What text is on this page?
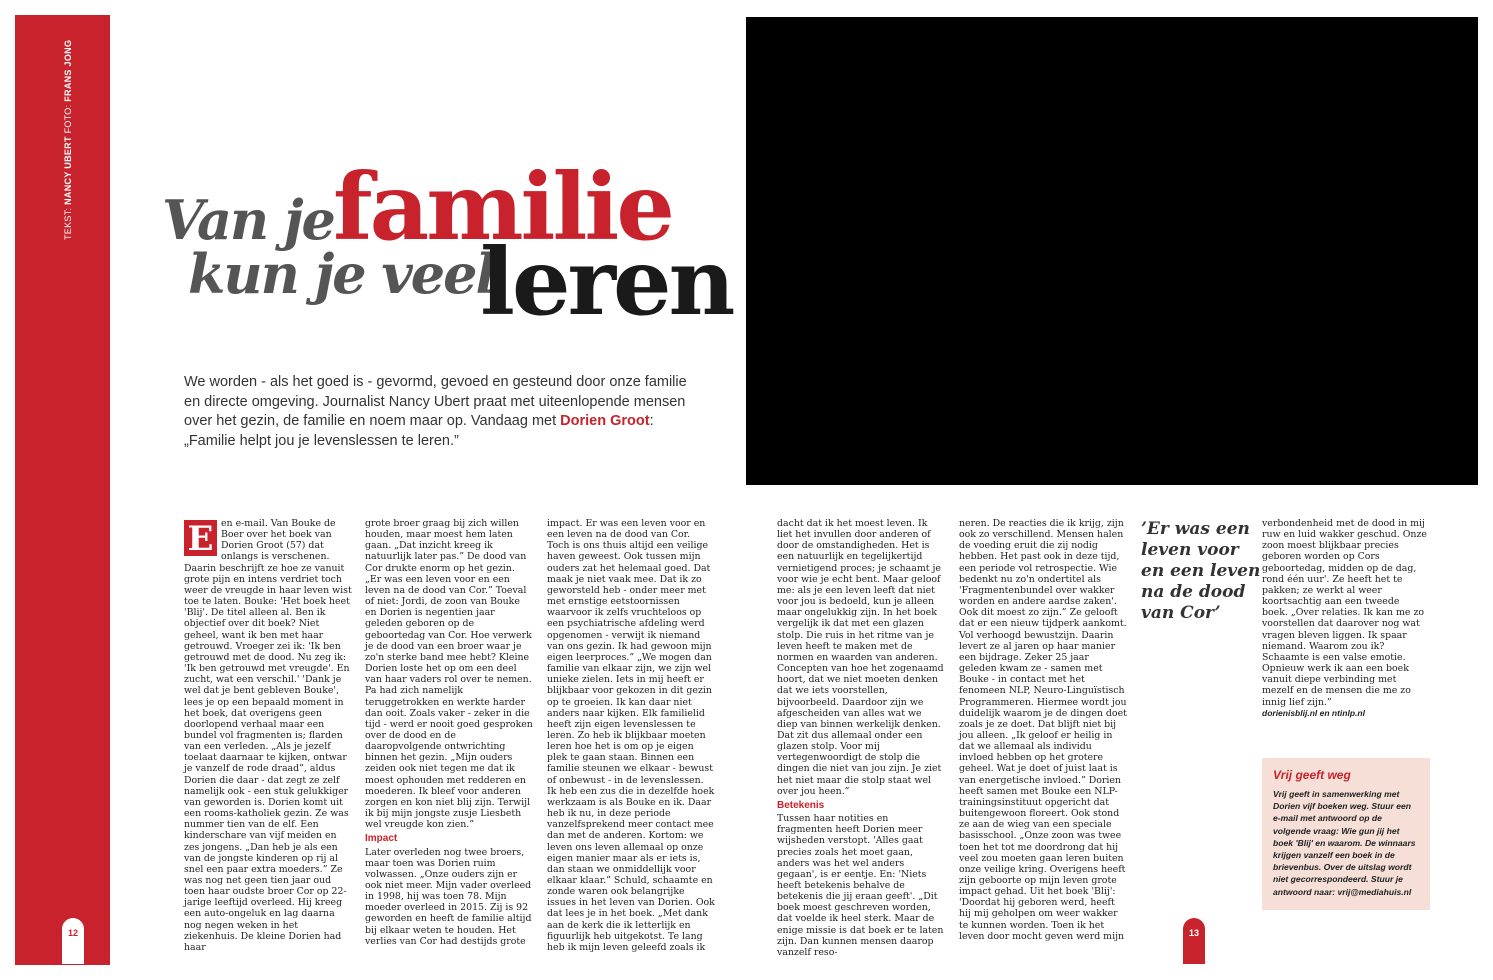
TEKST: NANCY UBERT FOTO: FRANS JONG
Van je familie
kun je veel
leren
We worden - als het goed is - gevormd, gevoed en gesteund door onze familie en directe omgeving. Journalist Nancy Ubert praat met uiteenlopende mensen over het gezin, de familie en noem maar op. Vandaag met Dorien Groot: „Familie helpt jou je levenslessen te leren.”
E en e-mail. Van Bouke de Boer over het boek van Dorien Groot (57) dat onlangs is verschenen. Daarin beschrijft ze hoe ze vanuit grote pijn en intens verdriet toch weer de vreugde in haar leven wist toe te laten. Bouke: 'Het boek heet 'Blij'. De titel alleen al. Ben ik objectief over dit boek? Niet geheel, want ik ben met haar getrouwd. Vroeger zei ik: 'Ik ben getrouwd met de dood. Nu zeg ik: 'Ik ben getrouwd met vreugde'. En zucht, wat een verschil.' 'Dank je wel dat je bent gebleven Bouke', lees je op een bepaald moment in het boek, dat overigens geen doorlopend verhaal maar een bundel vol fragmenten is; flarden van een verleden. „Als je jezelf toelaat daarnaar te kijken, ontwar je vanzelf de rode draad”, aldus Dorien die daar - dat zegt ze zelf namelijk ook - een stuk gelukkiger van geworden is. Dorien komt uit een rooms-katholiek gezin. Ze was nummer tien van de elf. Een kinderschare van vijf meiden en zes jongens. „Dan heb je als een van de jongste kinderen op rij al snel een paar extra moeders.” Ze was nog net geen tien jaar oud toen haar oudste broer Cor op 22-jarige leeftijd overleed. Hij kreeg een auto-ongeluk en lag daarna nog negen weken in het ziekenhuis. De kleine Dorien had haar

grote broer graag bij zich willen houden, maar moest hem laten gaan. „Dat inzicht kreeg ik natuurlijk later pas.” De dood van Cor drukte enorm op het gezin. „Er was een leven voor en een leven na de dood van Cor.” Toeval of niet: Jordi, de zoon van Bouke en Dorien is negentien jaar geleden geboren op de geboortedag van Cor. Hoe verwerk je de dood van een broer waar je zo'n sterke band mee hebt? Kleine Dorien loste het op om een deel van haar vaders rol over te nemen. Pa had zich namelijk teruggetrokken en werkte harder dan ooit. Zoals vaker - zeker in die tijd - werd er nooit goed gesproken over de dood en de daaropvolgende ontwrichting binnen het gezin. „Mijn ouders zeiden ook niet tegen me dat ik moest ophouden met redderen en moederen. Ik bleef voor anderen zorgen en kon niet blij zijn. Terwijl ik bij mijn jongste zusje Liesbeth wel vreugde kon zien.”

Impact

Later overleden nog twee broers, maar toen was Dorien ruim volwassen. „Onze ouders zijn er ook niet meer. Mijn vader overleed in 1998, hij was toen 78. Mijn moeder overleed in 2015. Zij is 92 geworden en heeft de familie altijd bij elkaar weten te houden. Het verlies van Cor had destijds grote

impact. Er was een leven voor en een leven na de dood van Cor. Toch is ons thuis altijd een veilige haven geweest. Ook tussen mijn ouders zat het helemaal goed. Dat maak je niet vaak mee. Dat ik zo geworsteld heb - onder meer met met ernstige eetstoornissen waarvoor ik zelfs vruchteloos op een psychiatrische afdeling werd opgenomen - verwijt ik niemand van ons gezin. Ik had gewoon mijn eigen leerproces.” „We mogen dan familie van elkaar zijn, we zijn wel unieke zielen. Iets in mij heeft er blijkbaar voor gekozen in dit gezin op te groeien. Ik kan daar niet anders naar kijken. Elk familielid heeft zijn eigen levenslessen te leren. Zo heb ik blijkbaar moeten leren hoe het is om op je eigen plek te gaan staan. Binnen een familie steunen we elkaar - bewust of onbewust - in de levenslessen. Ik heb een zus die in dezelfde hoek werkzaam is als Bouke en ik. Daar heb ik nu, in deze periode vanzelfsprekend meer contact mee dan met de anderen. Kortom: we leven ons leven allemaal op onze eigen manier maar als er iets is, dan staan we onmiddellijk voor elkaar klaar.” Schuld, schaamte en zonde waren ook belangrijke issues in het leven van Dorien. Ook dat lees je in het boek. „Met dank aan de kerk die ik letterlijk en figuurlijk heb uitgekotst. Te lang heb ik mijn leven geleefd zoals ik

dacht dat ik het moest leven. Ik liet het invullen door anderen of door de omstandigheden. Het is een natuurlijk en tegelijkertijd vernietigend proces; je schaamt je voor wie je echt bent. Maar geloof me: als je een leven leeft dat niet voor jou is bedoeld, kun je alleen maar ongelukkig zijn. In het boek vergelijk ik dat met een glazen stolp. Die ruis in het ritme van je leven heeft te maken met de normen en waarden van anderen. Concepten van hoe het zogenaamd hoort, dat we niet moeten denken dat we iets voorstellen, bijvoorbeeld. Daardoor zijn we afgescheiden van alles wat we diep van binnen werkelijk denken. Dat zit dus allemaal onder een glazen stolp. Voor mij vertegenwoordigt de stolp die dingen die niet van jou zijn. Je ziet het niet maar die stolp staat wel over jou heen.”

Betekenis

Tussen haar notities en fragmenten heeft Dorien meer wijsheden verstopt. 'Alles gaat precies zoals het moet gaan, anders was het wel anders gegaan', is er eentje. En: 'Niets heeft betekenis behalve de betekenis die jij eraan geeft'. „Dit boek moest geschreven worden, dat voelde ik heel sterk. Maar de enige missie is dat boek er te laten zijn. Dan kunnen mensen daarop vanzelf reso-

neren. De reacties die ik krijg, zijn ook zo verschillend. Mensen halen de voeding eruit die zij nodig hebben. Het past ook in deze tijd, een periode vol retrospectie. Wie bedenkt nu zo'n ondertitel als 'Fragmentenbundel over wakker worden en andere aardse zaken'. Ook dit moest zo zijn.” Ze gelooft dat er een nieuw tijdperk aankomt. Vol verhoogd bewustzijn. Daarin levert ze al jaren op haar manier een bijdrage. Zeker 25 jaar geleden kwam ze - samen met Bouke - in contact met het fenomeen NLP, Neuro-Linguïstisch Programmeren. Hiermee wordt jou duidelijk waarom je de dingen doet zoals je ze doet. Dat blijft niet bij jou alleen. „Ik geloof er heilig in dat we allemaal als individu invloed hebben op het grotere geheel. Wat je doet of juist laat is van energetische invloed.” Dorien heeft samen met Bouke een NLP-trainingsinstituut opgericht dat buitengewoon floreert. Ook stond ze aan de wieg van een speciale basisschool. „Onze zoon was twee toen het tot me doordrong dat hij veel zou moeten gaan leren buiten onze veilige kring. Overigens heeft zijn geboorte op mijn leven grote impact gehad. Uit het boek 'Blij': 'Doordat hij geboren werd, heeft hij mij geholpen om weer wakker te kunnen worden. Toen ik het leven door mocht geven werd mijn

’Er was een leven voor en een leven na de dood van Cor’

verbondenheid met de dood in mij ruw en luid wakker geschud. Onze zoon moest blijkbaar precies geboren worden op Cors geboortedag, midden op de dag, rond één uur'. Ze heeft het te pakken; ze werkt al weer koortsachtig aan een tweede boek. „Over relaties. Ik kan me zo voorstellen dat daarover nog wat vragen bleven liggen. Ik spaar niemand. Waarom zou ik? Schaamte is een valse emotie. Opnieuw werk ik aan een boek vanuit diepe verbinding met mezelf en de mensen die me zo innig lief zijn.”

dorienisblij.nl en ntinlp.nl

Vrij geeft weg
Vrij geeft in samenwerking met Dorien vijf boeken weg. Stuur een e-mail met antwoord op de volgende vraag: Wie gun jij het boek 'Blij' en waarom. De winnaars krijgen vanzelf een boek in de brievenbus. Over de uitslag wordt niet gecorrespondeerd. Stuur je antwoord naar: vrij@mediahuis.nl
12	13
